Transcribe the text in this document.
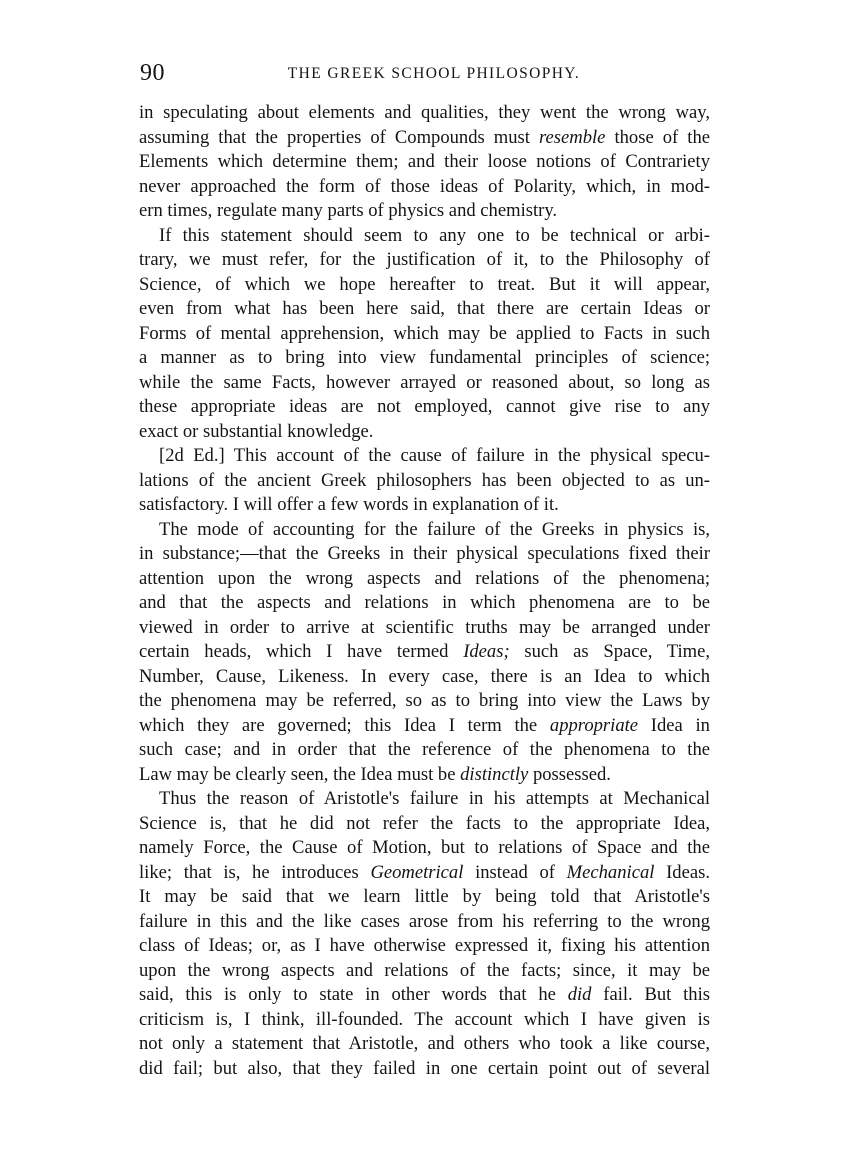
90	THE GREEK SCHOOL PHILOSOPHY.
in speculating about elements and qualities, they went the wrong way,
assuming that the properties of Compounds must resemble those of the
Elements which determine them; and their loose notions of Contrariety
never approached the form of those ideas of Polarity, which, in mod-
ern times, regulate many parts of physics and chemistry.
If this statement should seem to any one to be technical or arbi-
trary, we must refer, for the justification of it, to the Philosophy of
Science, of which we hope hereafter to treat. But it will appear,
even from what has been here said, that there are certain Ideas or
Forms of mental apprehension, which may be applied to Facts in such
a manner as to bring into view fundamental principles of science;
while the same Facts, however arrayed or reasoned about, so long as
these appropriate ideas are not employed, cannot give rise to any
exact or substantial knowledge.
[2d Ed.] This account of the cause of failure in the physical specu-
lations of the ancient Greek philosophers has been objected to as un-
satisfactory. I will offer a few words in explanation of it.
The mode of accounting for the failure of the Greeks in physics is,
in substance;—that the Greeks in their physical speculations fixed their
attention upon the wrong aspects and relations of the phenomena;
and that the aspects and relations in which phenomena are to be
viewed in order to arrive at scientific truths may be arranged under
certain heads, which I have termed Ideas; such as Space, Time,
Number, Cause, Likeness. In every case, there is an Idea to which
the phenomena may be referred, so as to bring into view the Laws by
which they are governed; this Idea I term the appropriate Idea in
such case; and in order that the reference of the phenomena to the
Law may be clearly seen, the Idea must be distinctly possessed.
Thus the reason of Aristotle's failure in his attempts at Mechanical
Science is, that he did not refer the facts to the appropriate Idea,
namely Force, the Cause of Motion, but to relations of Space and the
like; that is, he introduces Geometrical instead of Mechanical Ideas.
It may be said that we learn little by being told that Aristotle's
failure in this and the like cases arose from his referring to the wrong
class of Ideas; or, as I have otherwise expressed it, fixing his attention
upon the wrong aspects and relations of the facts; since, it may be
said, this is only to state in other words that he did fail. But this
criticism is, I think, ill-founded. The account which I have given is
not only a statement that Aristotle, and others who took a like course,
did fail; but also, that they failed in one certain point out of several
